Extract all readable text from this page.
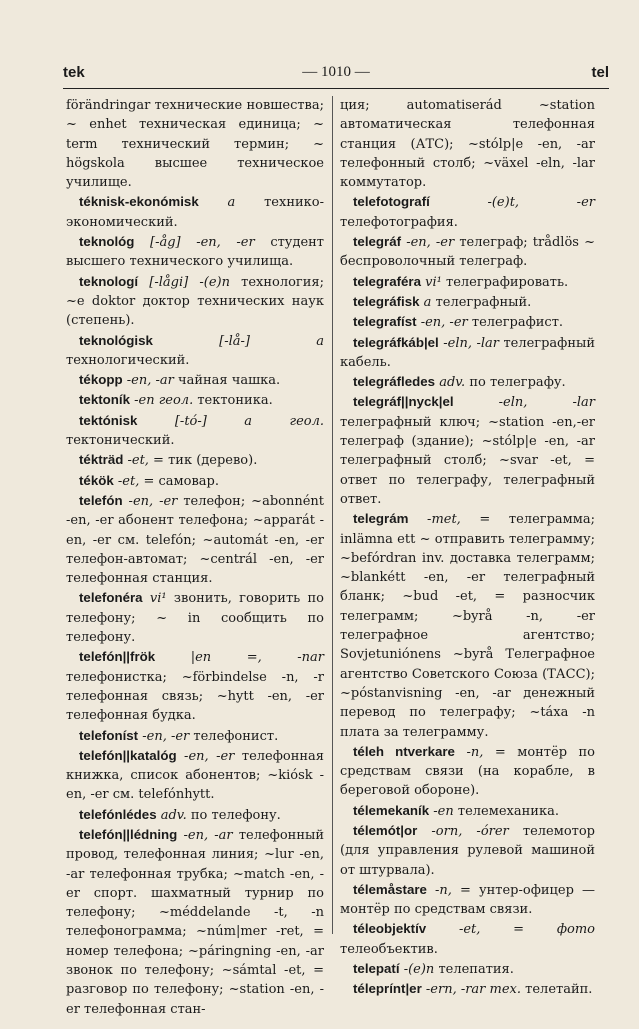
tek	— 1010 —	tel

förändringar технические новшества; ~ enhet техническая единица; ~ term технический термин; ~ högskola высшее техническое училище.

téknisk-ekonómisk a технико-экономический.

teknológ [-åg] -en, -er студент высшего технического училища.

teknologí [-lågi] -(e)n технология; ~e doktor доктор технических наук (степень).

teknológisk	[-lå-] a технологический.

tékopp -en, -ar чайная чашка.

tektoník -en геол. тектоника.

tektónisk	[-tó-] a геол. тектонический.

tékträd -et, = тик (дерево).

tékök -et, = самовар.

telefón -en, -er телефон; ~abonnént -en, -er абонент телефона; ~apparát -en, -er см. telefón; ~automát -en, -er телефон-автомат; ~centrál -en, -er телефонная станция.

telefonéra vi¹ звонить, говорить по телефону; ~ in сообщить по телефону.

telefón||frök	|en =, -nar телефонистка; ~förbindelse -n, -r телефонная связь; ~hytt -en, -er телефонная будка.

telefoníst -en, -er телефонист.

telefón||katalóg -en, -er телефонная книжка, список абонентов; ~kiósk -en, -er см. telefónhytt.

telefónlédes adv. по телефону.

telefón||lédning -en, -ar телефонный провод, телефонная линия; ~lur -en, -ar телефонная трубка; ~match -en, -er спорт. шахматный турнир по телефону; ~méddelande -t, -n телефонограмма; ~núm|mer -ret, = номер телефона; ~páringning -en, -ar звонок по телефону; ~sámtal -et, = разговор по телефону; ~station -en, -er телефонная стан-

ция; automatiserád ~station автоматическая телефонная станция (АТС); ~stólp|e -en, -ar телефонный столб; ~växel -eln, -lar коммутатор.

telefotografí	-(e)t, -er телефотография.

telegráf -en, -er телеграф; trådlös ~ беспроволочный телеграф.

telegraféra vi¹ телеграфировать.

telegráfisk a телеграфный.

telegrafíst -en, -er телеграфист.

telegráfkáb|el -eln, -lar телеграфный кабель.

telegráfledes adv. по телеграфу.

telegráf||nyck|el	-eln, -lar телеграфный ключ; ~station -en,-er телеграф (здание); ~stólp|e -en, -ar телеграфный столб; ~svar -et, = ответ по телеграфу, телеграфный ответ.

telegrám -met, = телеграмма; inlämna ett ~ отправить телеграмму; ~befórdran inv. доставка телеграмм; ~blankétt -en, -er телеграфный бланк; ~bud -et, = разносчик телеграмм; ~byrå -n, -er телеграфное агентство; Sovjetuniónens ~byrå Телеграфное агентство Советского Союза (ТАСС); ~póstanvisning -en, -ar денежный перевод по телеграфу; ~táxa -n плата за телеграмму.

téleh ntverkare -n, = монтёр по средствам связи (на корабле, в береговой обороне).

télemekaník -en телемеханика.

télemót|or -orn, -órer телемотор (для управления рулевой машиной от штурвала).

télemåstare -n, = унтер-офицер — монтёр по средствам связи.

téleobjektív	-et, = фото телеобъектив.

telepatí -(e)n телепатия.

téleprínt|er -ern, -rar тех. телетайп.
